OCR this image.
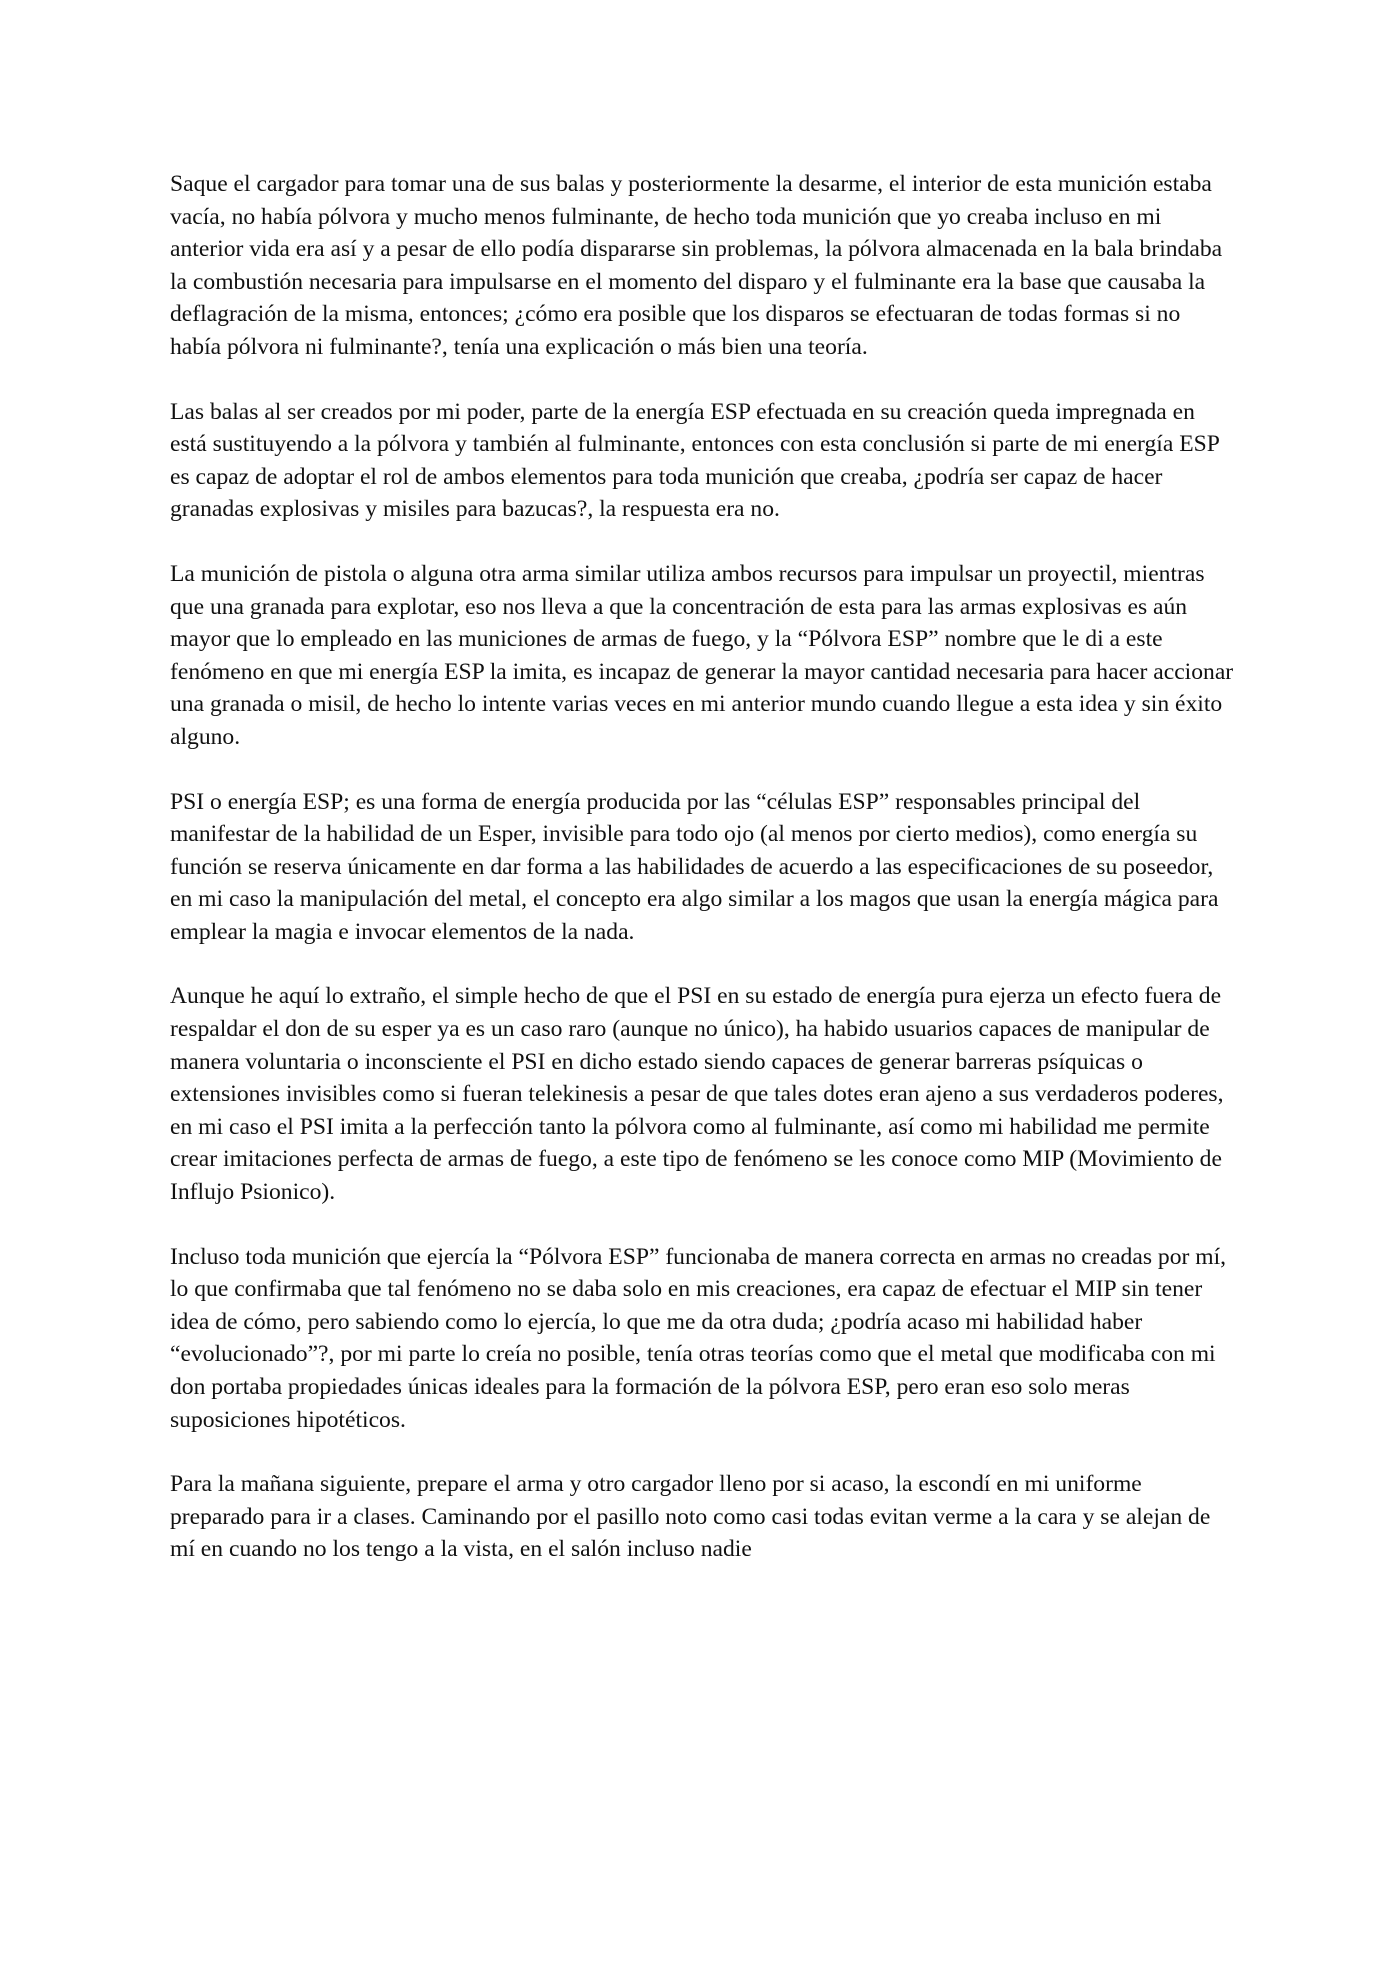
Saque el cargador para tomar una de sus balas y posteriormente la desarme, el interior de esta munición estaba vacía, no había pólvora y mucho menos fulminante, de hecho toda munición que yo creaba incluso en mi anterior vida era así y a pesar de ello podía dispararse sin problemas, la pólvora almacenada en la bala brindaba la combustión necesaria para impulsarse en el momento del disparo y el fulminante era la base que causaba la deflagración de la misma, entonces; ¿cómo era posible que los disparos se efectuaran de todas formas si no había pólvora ni fulminante?, tenía una explicación o más bien una teoría.

Las balas al ser creados por mi poder, parte de la energía ESP efectuada en su creación queda impregnada en está sustituyendo a la pólvora y también al fulminante, entonces con esta conclusión si parte de mi energía ESP es capaz de adoptar el rol de ambos elementos para toda munición que creaba, ¿podría ser capaz de hacer granadas explosivas y misiles para bazucas?, la respuesta era no.

La munición de pistola o alguna otra arma similar utiliza ambos recursos para impulsar un proyectil, mientras que una granada para explotar, eso nos lleva a que la concentración de esta para las armas explosivas es aún mayor que lo empleado en las municiones de armas de fuego, y la “Pólvora ESP” nombre que le di a este fenómeno en que mi energía ESP la imita, es incapaz de generar la mayor cantidad necesaria para hacer accionar una granada o misil, de hecho lo intente varias veces en mi anterior mundo cuando llegue a esta idea y sin éxito alguno.

PSI o energía ESP; es una forma de energía producida por las “células ESP” responsables principal del manifestar de la habilidad de un Esper, invisible para todo ojo (al menos por cierto medios), como energía su función se reserva únicamente en dar forma a las habilidades de acuerdo a las especificaciones de su poseedor, en mi caso la manipulación del metal, el concepto era algo similar a los magos que usan la energía mágica para emplear la magia e invocar elementos de la nada.

Aunque he aquí lo extraño, el simple hecho de que el PSI en su estado de energía pura ejerza un efecto fuera de respaldar el don de su esper ya es un caso raro (aunque no único), ha habido usuarios capaces de manipular de manera voluntaria o inconsciente el PSI en dicho estado siendo capaces de generar barreras psíquicas o extensiones invisibles como si fueran telekinesis a pesar de que tales dotes eran ajeno a sus verdaderos poderes, en mi caso el PSI imita a la perfección tanto la pólvora como al fulminante, así como mi habilidad me permite crear imitaciones perfecta de armas de fuego, a este tipo de fenómeno se les conoce como MIP (Movimiento de Influjo Psionico).

Incluso toda munición que ejercía la “Pólvora ESP” funcionaba de manera correcta en armas no creadas por mí, lo que confirmaba que tal fenómeno no se daba solo en mis creaciones, era capaz de efectuar el MIP sin tener idea de cómo, pero sabiendo como lo ejercía, lo que me da otra duda; ¿podría acaso mi habilidad haber “evolucionado”?, por mi parte lo creía no posible, tenía otras teorías como que el metal que modificaba con mi don portaba propiedades únicas ideales para la formación de la pólvora ESP, pero eran eso solo meras suposiciones hipotéticos.

Para la mañana siguiente, prepare el arma y otro cargador lleno por si acaso, la escondí en mi uniforme preparado para ir a clases. Caminando por el pasillo noto como casi todas evitan verme a la cara y se alejan de mí en cuando no los tengo a la vista, en el salón incluso nadie
